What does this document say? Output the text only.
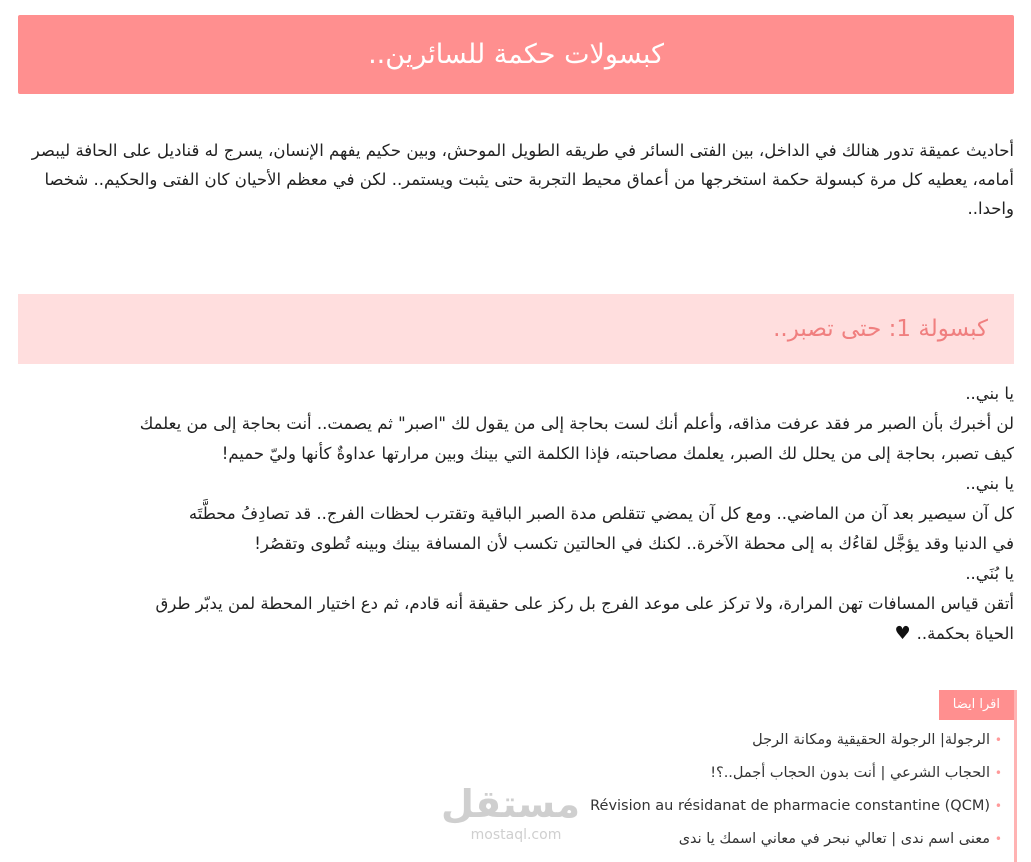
كبسولات حكمة للسائرين..

أحاديث عميقة تدور هنالك في الداخل، بين الفتى السائر في طريقه الطويل الموحش، وبين حكيم يفهم الإنسان، يسرج له قناديل على الحافة ليبصر أمامه، يعطيه كل مرة كبسولة حكمة استخرجها من أعماق محيط التجربة حتى يثبت ويستمر.. لكن في معظم الأحيان كان الفتى والحكيم.. شخصا واحدا..

كبسولة 1: حتى تصبر..
يا بني..
لن أخبرك بأن الصبر مر فقد عرفت مذاقه، وأعلم أنك لست بحاجة إلى من يقول لك "اصبر" ثم يصمت.. أنت بحاجة إلى من يعلمك
كيف تصبر، بحاجة إلى من يحلل لك الصبر، يعلمك مصاحبته، فإذا الكلمة التي بينك وبين مرارتها عداوةٌ كأنها وليّ حميم!
يا بني..
كل آن سيصير بعد آن من الماضي.. ومع كل آن يمضي تتقلص مدة الصبر الباقية وتقترب لحظات الفرج.. قد تصادِفُ محطَّتَه
في الدنيا وقد يؤجَّل لقاءُك به إلى محطة الآخرة.. لكنك في الحالتين تكسب لأن المسافة بينك وبينه تُطوى وتقصُر!
يا بُنَي..
أتقن قياس المسافات تهن المرارة، ولا تركز على موعد الفرج بل ركز على حقيقة أنه قادم، ثم دع اختيار المحطة لمن يدبّر طرق
الحياة بحكمة..♥
اقرا ايضا
•
الرجولة| الرجولة الحقيقية ومكانة الرجل
•
الحجاب الشرعي | أنت بدون الحجاب أجمل..؟!
•
Révision au résidanat de pharmacie constantine (QCM)
•
معنى اسم ندى | تعالي نبحر في معاني اسمك يا ندى
مستقل
mostaql.com
